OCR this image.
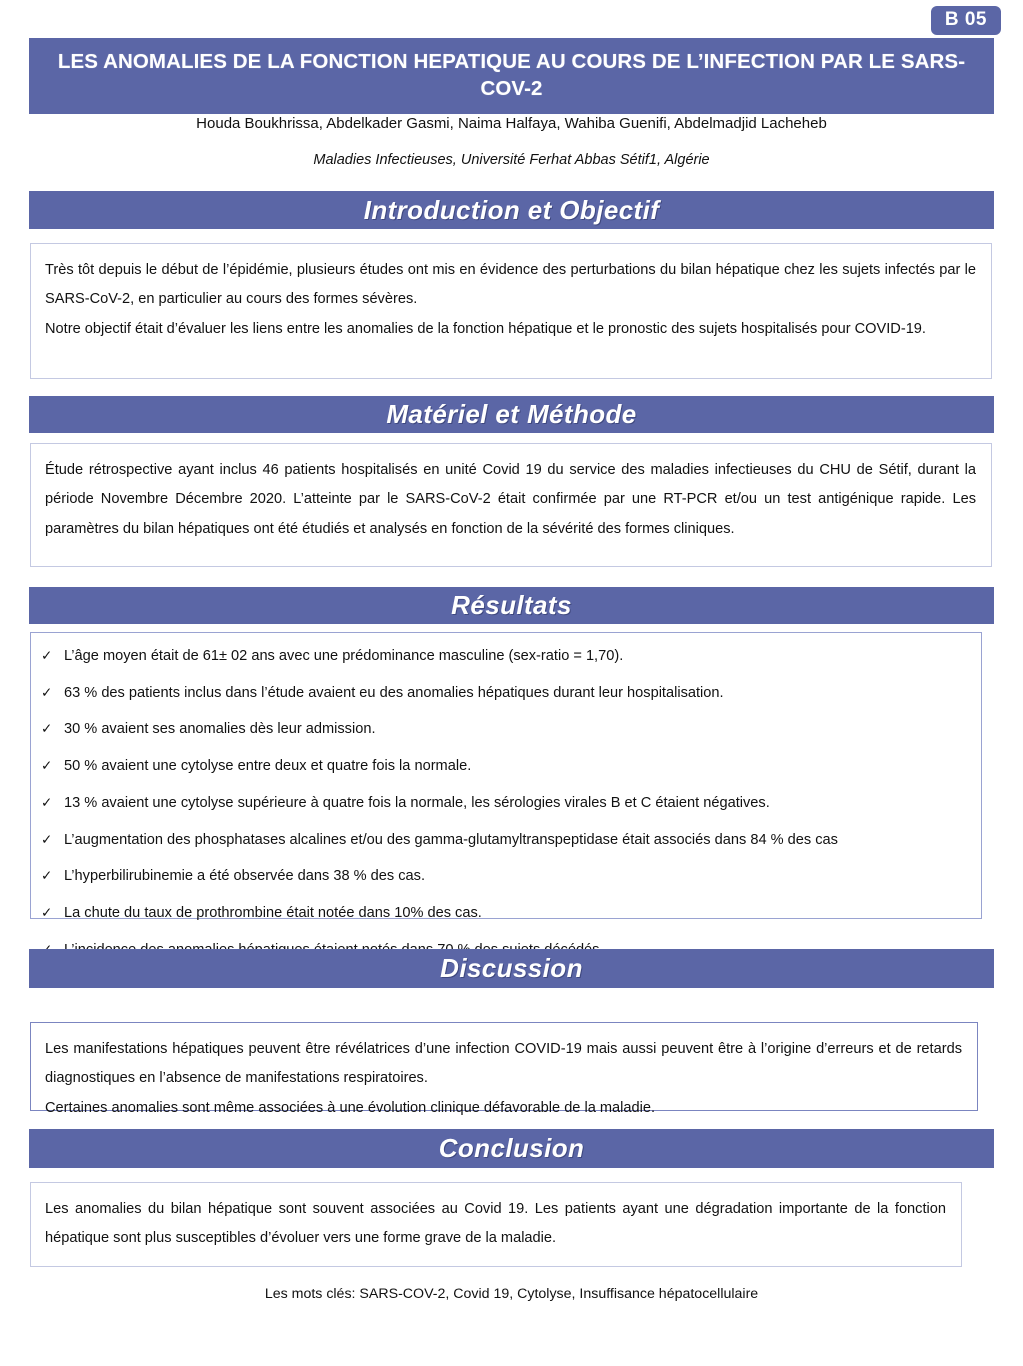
B 05
LES ANOMALIES DE LA FONCTION HEPATIQUE AU COURS DE L’INFECTION PAR LE SARS-COV-2
Houda Boukhrissa, Abdelkader Gasmi, Naima Halfaya, Wahiba Guenifi, Abdelmadjid Lacheheb
Maladies Infectieuses, Université Ferhat Abbas Sétif1, Algérie
Introduction et Objectif

Très tôt depuis le début de l’épidémie, plusieurs études ont mis en évidence des perturbations du bilan hépatique chez les sujets infectés par le SARS-CoV-2, en particulier au cours des formes sévères.

Notre objectif était d’évaluer les liens entre les anomalies de la fonction hépatique et le pronostic des sujets hospitalisés pour COVID-19.

Matériel et Méthode

Étude rétrospective ayant inclus 46 patients hospitalisés en unité Covid 19 du service des maladies infectieuses du CHU de Sétif, durant la période Novembre Décembre 2020. L’atteinte par le SARS-CoV-2 était confirmée par une RT-PCR et/ou un test antigénique rapide. Les paramètres du bilan hépatiques ont été étudiés et analysés en fonction de la sévérité des formes cliniques.

Résultats
✓ L’âge moyen était de 61± 02 ans avec une prédominance masculine (sex-ratio = 1,70).
✓ 63 % des patients inclus dans l’étude avaient eu des anomalies hépatiques durant leur hospitalisation.
✓ 30 % avaient ses anomalies dès leur admission.
✓ 50 % avaient une cytolyse entre deux et quatre fois la normale.
✓ 13 % avaient une cytolyse supérieure à quatre fois la normale, les sérologies virales B et C étaient négatives.
✓ L’augmentation des phosphatases alcalines et/ou des gamma-glutamyltranspeptidase était associés dans 84 % des cas
✓ L’hyperbilirubinemie a été observée dans 38 % des cas.
✓ La chute du taux de prothrombine était notée dans 10% des cas.
Discussion

Les manifestations hépatiques peuvent être révélatrices d’une infection COVID-19 mais aussi peuvent être à l’origine d’erreurs et de retards diagnostiques en l’absence de manifestations respiratoires.

Certaines anomalies sont même associées à une évolution clinique défavorable de la maladie.

Conclusion

Les anomalies du bilan hépatique sont souvent associées au Covid 19. Les patients ayant une dégradation importante de la fonction hépatique sont plus susceptibles d’évoluer vers une forme grave de la maladie.

Les mots clés: SARS-COV-2, Covid 19, Cytolyse, Insuffisance hépatocellulaire
